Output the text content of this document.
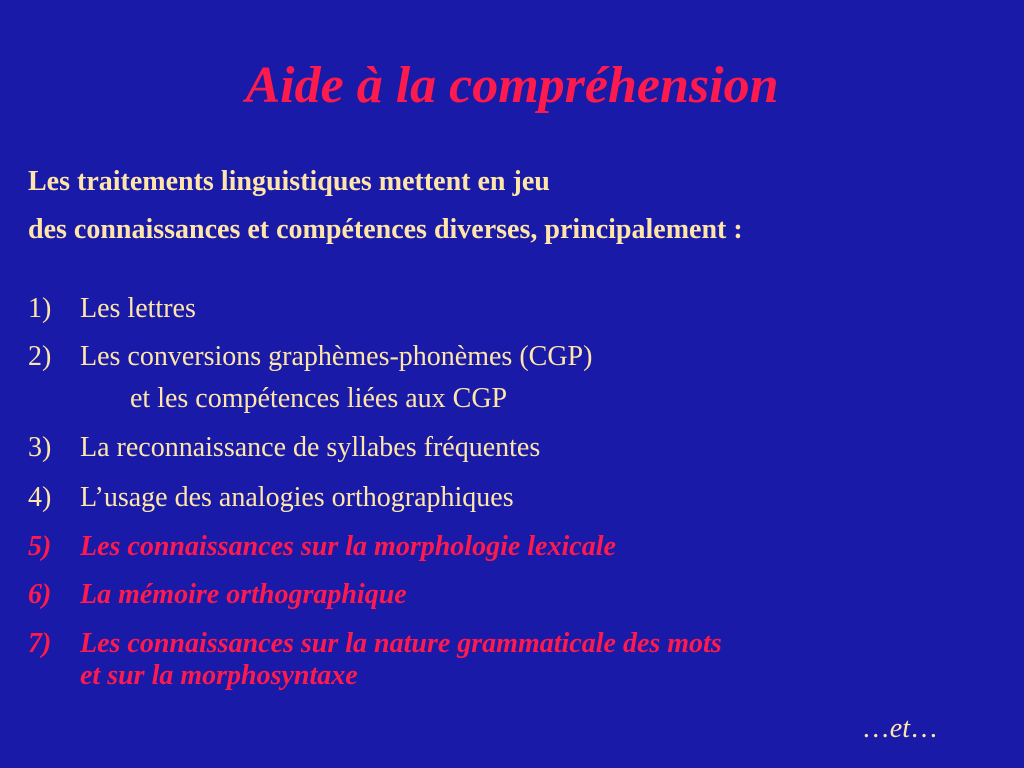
Aide à la compréhension
Les traitements linguistiques mettent en jeu
des connaissances et compétences diverses, principalement :
1) Les lettres
2) Les conversions graphèmes-phonèmes (CGP)
et les compétences liées aux CGP
3) La reconnaissance de syllabes fréquentes
4) L’usage des analogies orthographiques
5) Les connaissances sur la morphologie lexicale
6) La mémoire orthographique
7) Les connaissances sur la nature grammaticale des mots
et sur la morphosyntaxe
…et…
